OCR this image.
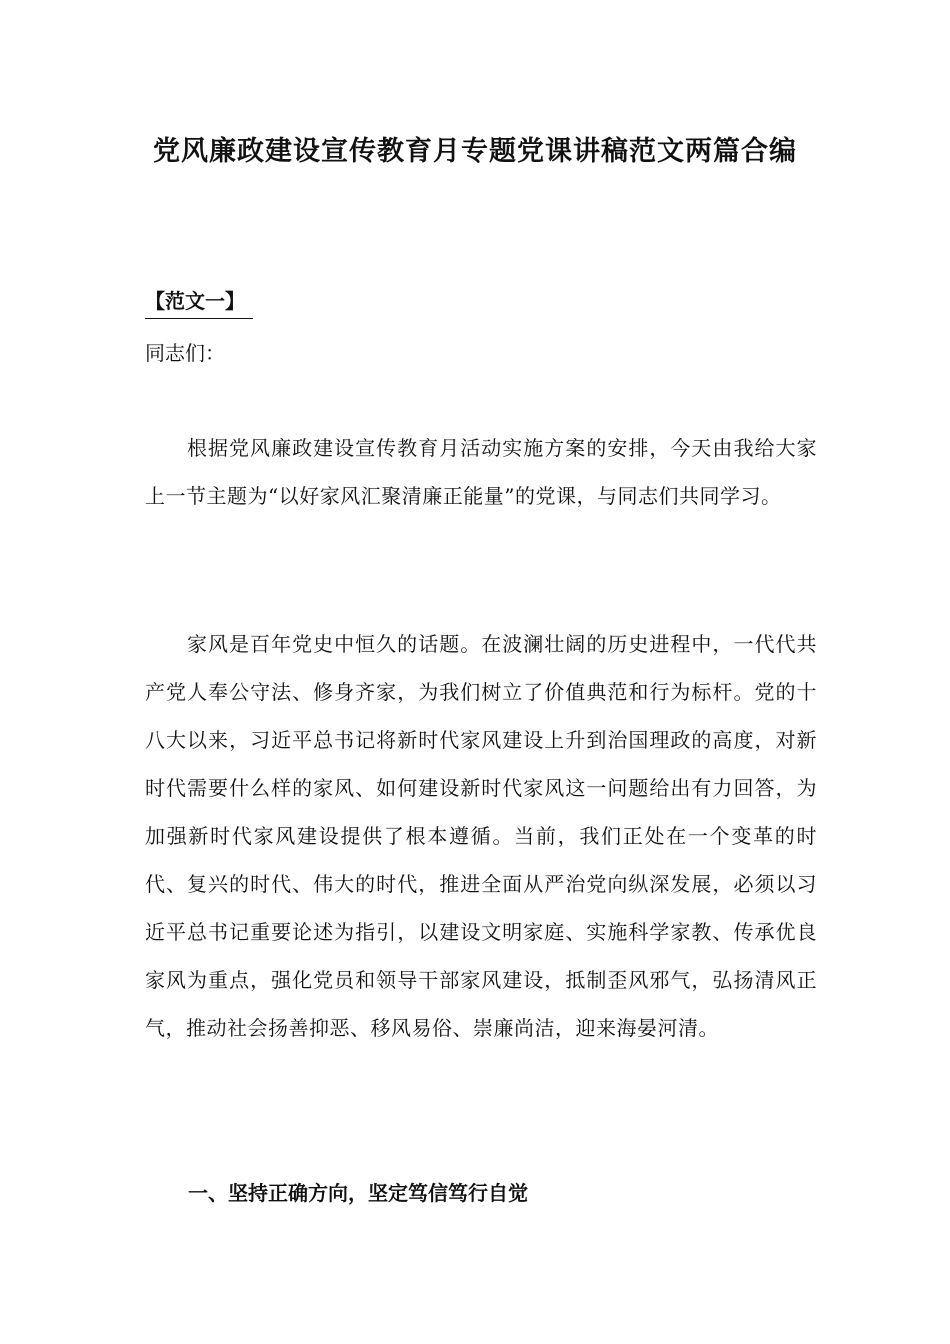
党风廉政建设宣传教育月专题党课讲稿范文两篇合编
【范文一】
同志们：
根据党风廉政建设宣传教育月活动实施方案的安排，今天由我给大家上一节主题为“以好家风汇聚清廉正能量”的党课，与同志们共同学习。
家风是百年党史中恒久的话题。在波澜壮阔的历史进程中，一代代共产党人奉公守法、修身齐家，为我们树立了价值典范和行为标杆。党的十八大以来，习近平总书记将新时代家风建设上升到治国理政的高度，对新时代需要什么样的家风、如何建设新时代家风这一问题给出有力回答，为加强新时代家风建设提供了根本遵循。当前，我们正处在一个变革的时代、复兴的时代、伟大的时代，推进全面从严治党向纵深发展，必须以习近平总书记重要论述为指引，以建设文明家庭、实施科学家教、传承优良家风为重点，强化党员和领导干部家风建设，抵制歪风邪气，弘扬清风正气，推动社会扬善抑恶、移风易俗、崇廉尚洁，迎来海晏河清。
一、坚持正确方向，坚定笃信笃行自觉
